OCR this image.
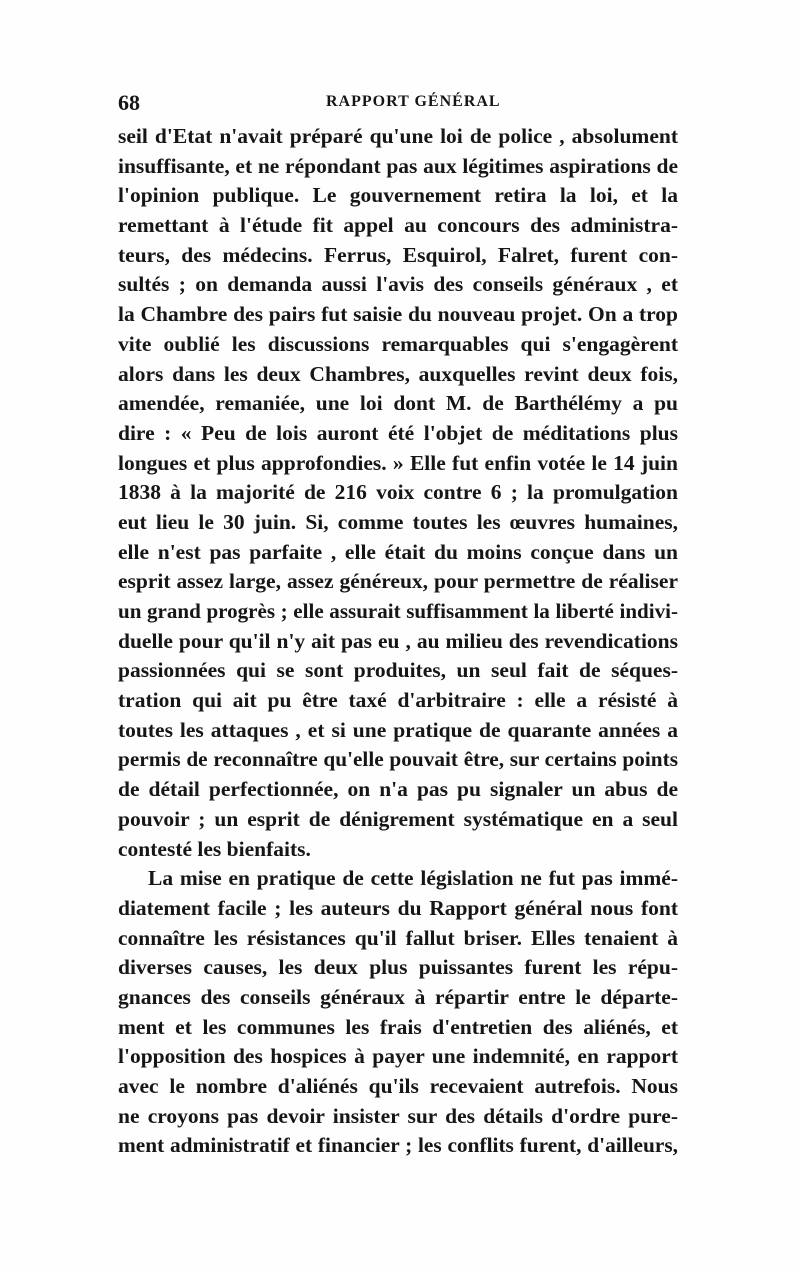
68	RAPPORT GÉNÉRAL
seil d'Etat n'avait préparé qu'une loi de police , absolument
insuffisante, et ne répondant pas aux légitimes aspirations de
l'opinion publique. Le gouvernement retira la loi, et la
remettant à l'étude fit appel au concours des administra-
teurs, des médecins. Ferrus, Esquirol, Falret, furent con-
sultés ; on demanda aussi l'avis des conseils généraux , et
la Chambre des pairs fut saisie du nouveau projet. On a trop
vite oublié les discussions remarquables qui s'engagèrent
alors dans les deux Chambres, auxquelles revint deux fois,
amendée, remaniée, une loi dont M. de Barthélémy a pu
dire : « Peu de lois auront été l'objet de méditations plus
longues et plus approfondies. » Elle fut enfin votée le 14 juin
1838 à la majorité de 216 voix contre 6 ; la promulgation
eut lieu le 30 juin. Si, comme toutes les œuvres humaines,
elle n'est pas parfaite , elle était du moins conçue dans un
esprit assez large, assez généreux, pour permettre de réaliser
un grand progrès ; elle assurait suffisamment la liberté indivi-
duelle pour qu'il n'y ait pas eu , au milieu des revendications
passionnées qui se sont produites, un seul fait de séques-
tration qui ait pu être taxé d'arbitraire : elle a résisté à
toutes les attaques , et si une pratique de quarante années a
permis de reconnaître qu'elle pouvait être, sur certains points
de détail perfectionnée, on n'a pas pu signaler un abus de
pouvoir ; un esprit de dénigrement systématique en a seul
contesté les bienfaits.
La mise en pratique de cette législation ne fut pas immé-
diatement facile ; les auteurs du Rapport général nous font
connaître les résistances qu'il fallut briser. Elles tenaient à
diverses causes, les deux plus puissantes furent les répu-
gnances des conseils généraux à répartir entre le départe-
ment et les communes les frais d'entretien des aliénés, et
l'opposition des hospices à payer une indemnité, en rapport
avec le nombre d'aliénés qu'ils recevaient autrefois. Nous
ne croyons pas devoir insister sur des détails d'ordre pure-
ment administratif et financier ; les conflits furent, d'ailleurs,
